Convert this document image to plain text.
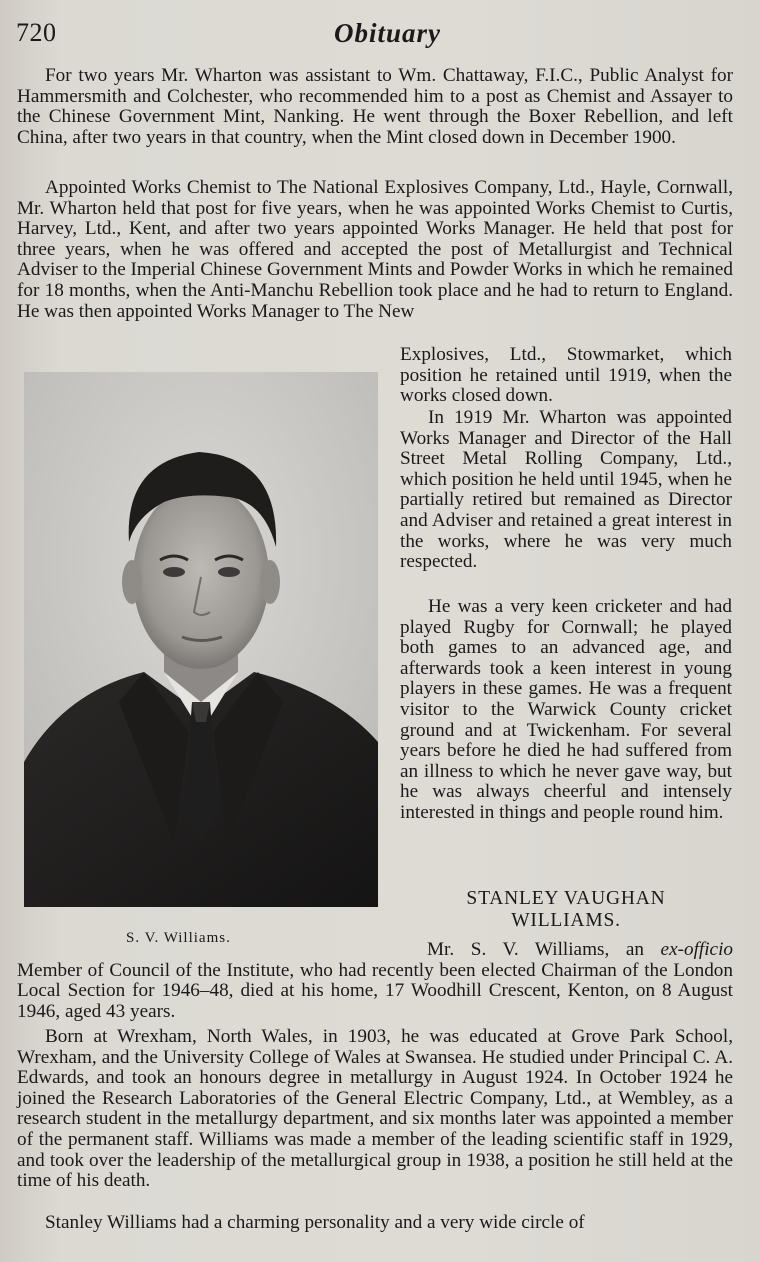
720	Obituary

For two years Mr. Wharton was assistant to Wm. Chattaway, F.I.C., Public Analyst for Hammersmith and Colchester, who recommended him to a post as Chemist and Assayer to the Chinese Government Mint, Nanking. He went through the Boxer Rebellion, and left China, after two years in that country, when the Mint closed down in December 1900.

Appointed Works Chemist to The National Explosives Company, Ltd., Hayle, Cornwall, Mr. Wharton held that post for five years, when he was appointed Works Chemist to Curtis, Harvey, Ltd., Kent, and after two years appointed Works Manager. He held that post for three years, when he was offered and accepted the post of Metallurgist and Technical Adviser to the Imperial Chinese Government Mints and Powder Works in which he remained for 18 months, when the Anti-Manchu Rebellion took place and he had to return to England. He was then appointed Works Manager to The New

Explosives, Ltd., Stowmarket, which position he retained until 1919, when the works closed down.

In 1919 Mr. Wharton was appointed Works Manager and Director of the Hall Street Metal Rolling Company, Ltd., which position he held until 1945, when he partially retired but remained as Director and Adviser and retained a great interest in the works, where he was very much respected.

He was a very keen cricketer and had played Rugby for Cornwall; he played both games to an advanced age, and afterwards took a keen interest in young players in these games. He was a frequent visitor to the Warwick County cricket ground and at Twickenham. For several years before he died he had suffered from an illness to which he never gave way, but he was always cheerful and intensely interested in things and people round him.

S. V. Williams.
STANLEY VAUGHAN
WILLIAMS.

Mr. S. V. Williams, an ex-officio Member of Council of the Institute, who had recently been elected Chairman of the London Local Section for 1946–48, died at his home, 17 Woodhill Crescent, Kenton, on 8 August 1946, aged 43 years.

Born at Wrexham, North Wales, in 1903, he was educated at Grove Park School, Wrexham, and the University College of Wales at Swansea. He studied under Principal C. A. Edwards, and took an honours degree in metallurgy in August 1924. In October 1924 he joined the Research Laboratories of the General Electric Company, Ltd., at Wembley, as a research student in the metallurgy department, and six months later was appointed a member of the permanent staff. Williams was made a member of the leading scientific staff in 1929, and took over the leadership of the metallurgical group in 1938, a position he still held at the time of his death.

Stanley Williams had a charming personality and a very wide circle of
